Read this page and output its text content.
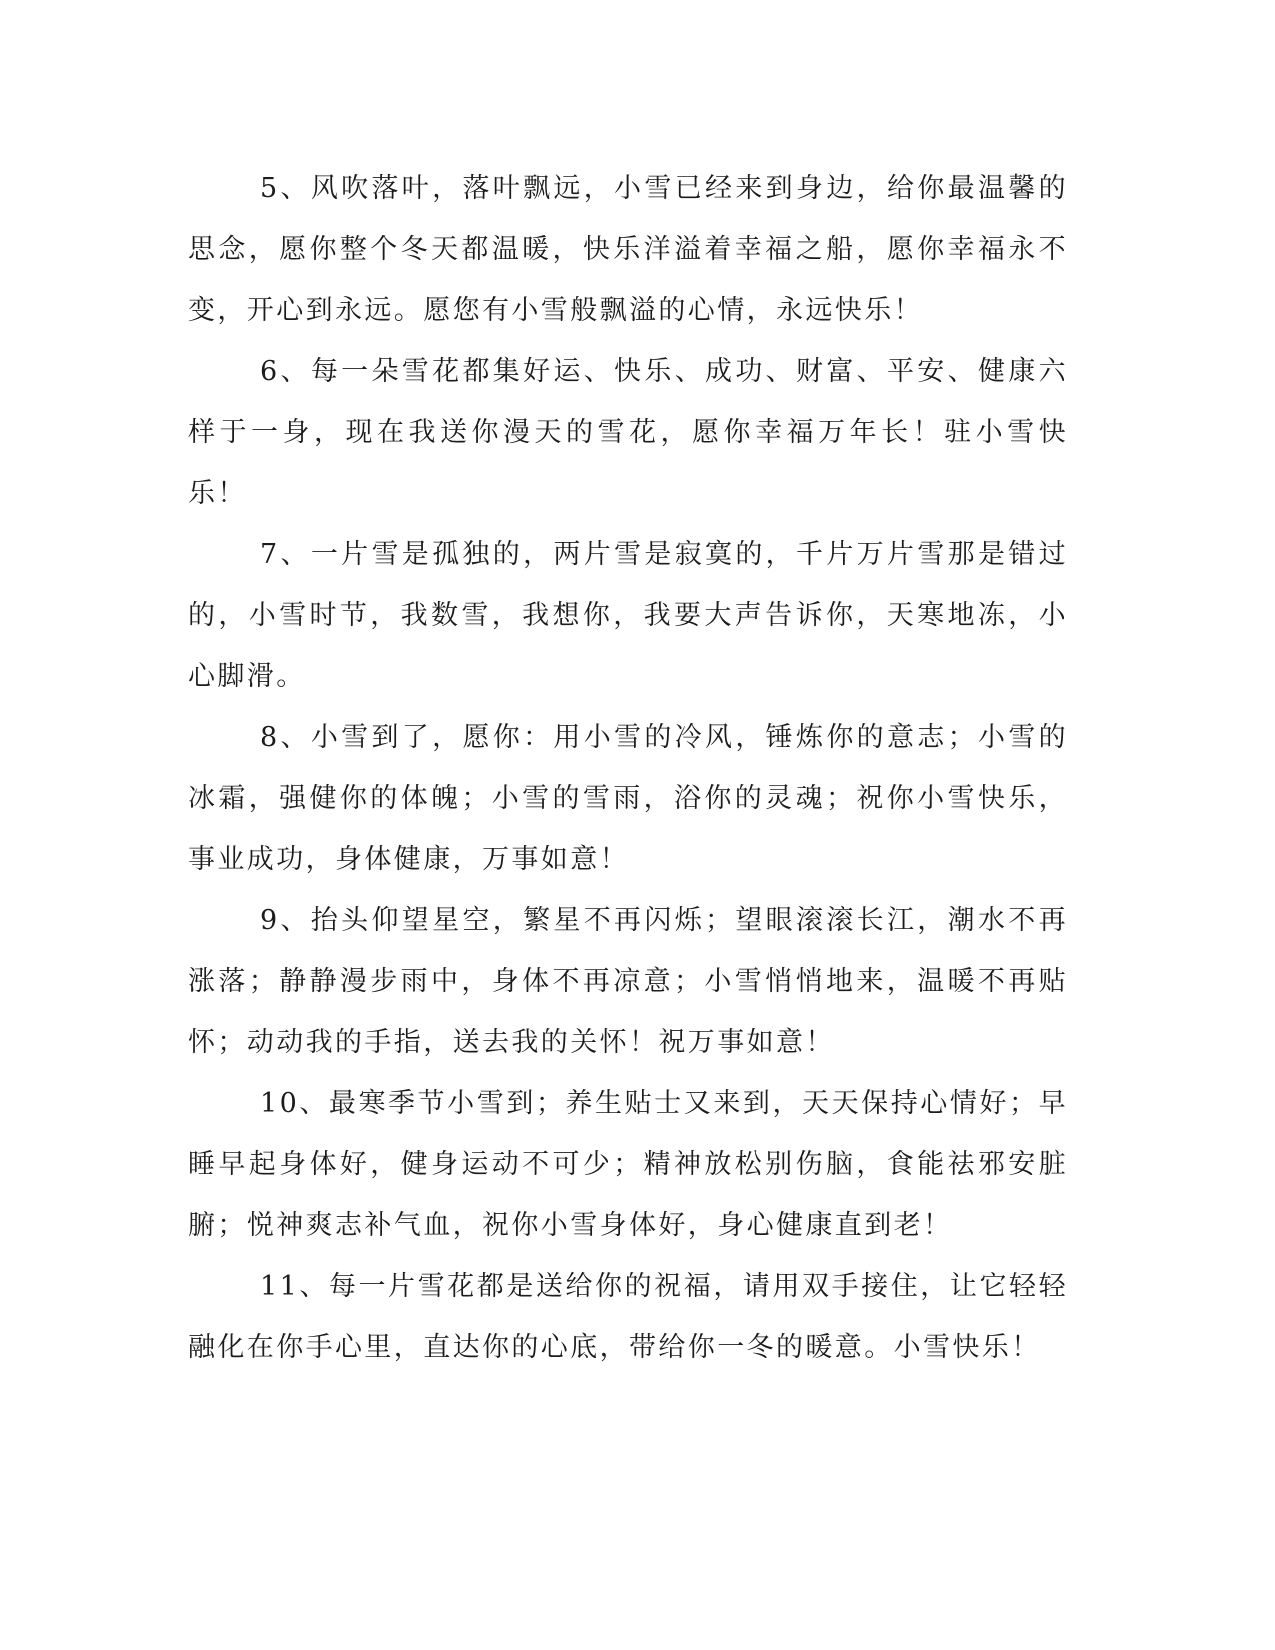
5、风吹落叶，落叶飘远，小雪已经来到身边，给你最温馨的思念，愿你整个冬天都温暖，快乐洋溢着幸福之船，愿你幸福永不变，开心到永远。愿您有小雪般飘溢的心情，永远快乐！

6、每一朵雪花都集好运、快乐、成功、财富、平安、健康六样于一身，现在我送你漫天的雪花，愿你幸福万年长！驻小雪快乐！

7、一片雪是孤独的，两片雪是寂寞的，千片万片雪那是错过的，小雪时节，我数雪，我想你，我要大声告诉你，天寒地冻，小心脚滑。

8、小雪到了，愿你：用小雪的冷风，锤炼你的意志；小雪的冰霜，强健你的体魄；小雪的雪雨，浴你的灵魂；祝你小雪快乐，事业成功，身体健康，万事如意！

9、抬头仰望星空，繁星不再闪烁；望眼滚滚长江，潮水不再涨落；静静漫步雨中，身体不再凉意；小雪悄悄地来，温暖不再贴怀；动动我的手指，送去我的关怀！祝万事如意！

10、最寒季节小雪到；养生贴士又来到，天天保持心情好；早睡早起身体好，健身运动不可少；精神放松别伤脑，食能祛邪安脏腑；悦神爽志补气血，祝你小雪身体好，身心健康直到老！

11、每一片雪花都是送给你的祝福，请用双手接住，让它轻轻融化在你手心里，直达你的心底，带给你一冬的暖意。小雪快乐！
